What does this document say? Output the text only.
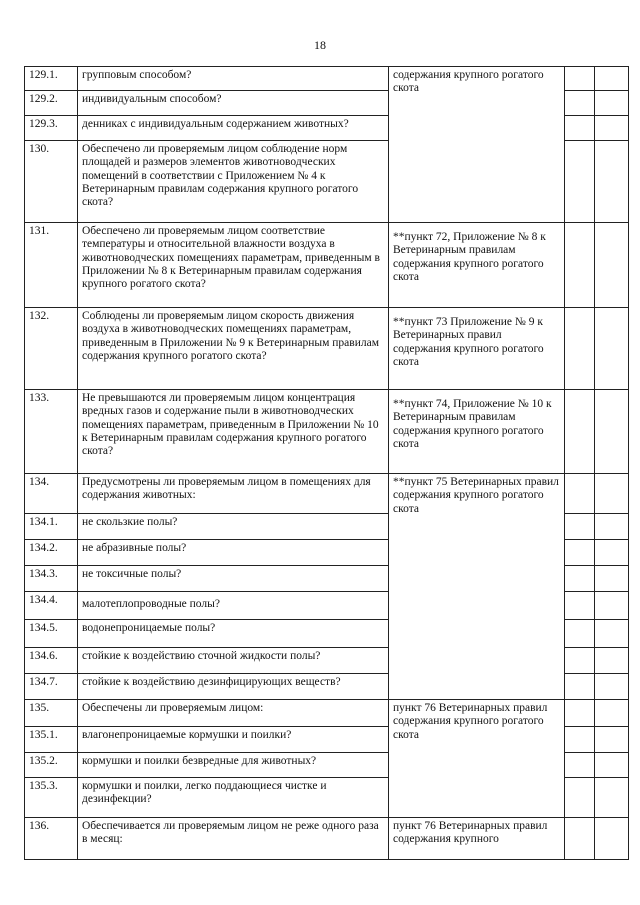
18
129.1.	групповым способом?	содержания крупного рогатого скота		
129.2.	индивидуальным способом?			
129.3.	денниках с индивидуальным содержанием животных?			
130.	Обеспечено ли проверяемым лицом соблюдение норм площадей и размеров элементов животноводческих помещений в соответствии с Приложением № 4 к Ветеринарным правилам содержания крупного рогатого скота?			
131.	Обеспечено ли проверяемым лицом соответствие температуры и относительной влажности воздуха в животноводческих помещениях параметрам, приведенным в Приложении № 8 к Ветеринарным правилам содержания крупного рогатого скота?	**пункт 72, Приложение № 8 к Ветеринарным правилам содержания крупного рогатого скота		
132.	Соблюдены ли проверяемым лицом скорость движения воздуха в животноводческих помещениях параметрам, приведенным в Приложении № 9 к Ветеринарным правилам содержания крупного рогатого скота?	**пункт 73 Приложение № 9 к Ветеринарных правил содержания крупного рогатого скота		
133.	Не превышаются ли проверяемым лицом концентрация вредных газов и содержание пыли в животноводческих помещениях параметрам, приведенным в Приложении № 10 к Ветеринарным правилам содержания крупного рогатого скота?	**пункт 74, Приложение № 10 к Ветеринарным правилам содержания крупного рогатого скота		
134.	Предусмотрены ли проверяемым лицом в помещениях для содержания животных:	**пункт 75 Ветеринарных правил содержания крупного рогатого скота		
134.1.	не скользкие полы?			
134.2.	не абразивные полы?			
134.3.	не токсичные полы?			
134.4.	малотеплопроводные полы?			
134.5.	водонепроницаемые полы?			
134.6.	стойкие к воздействию сточной жидкости полы?			
134.7.	стойкие к воздействию дезинфицирующих веществ?			
135.	Обеспечены ли проверяемым лицом:	пункт 76 Ветеринарных правил содержания крупного рогатого скота		
135.1.	влагонепроницаемые кормушки и поилки?			
135.2.	кормушки и поилки безвредные для животных?			
135.3.	кормушки и поилки, легко поддающиеся чистке и дезинфекции?			
136.	Обеспечивается ли проверяемым лицом не реже одного раза в месяц:	пункт 76 Ветеринарных правил содержания крупного		
